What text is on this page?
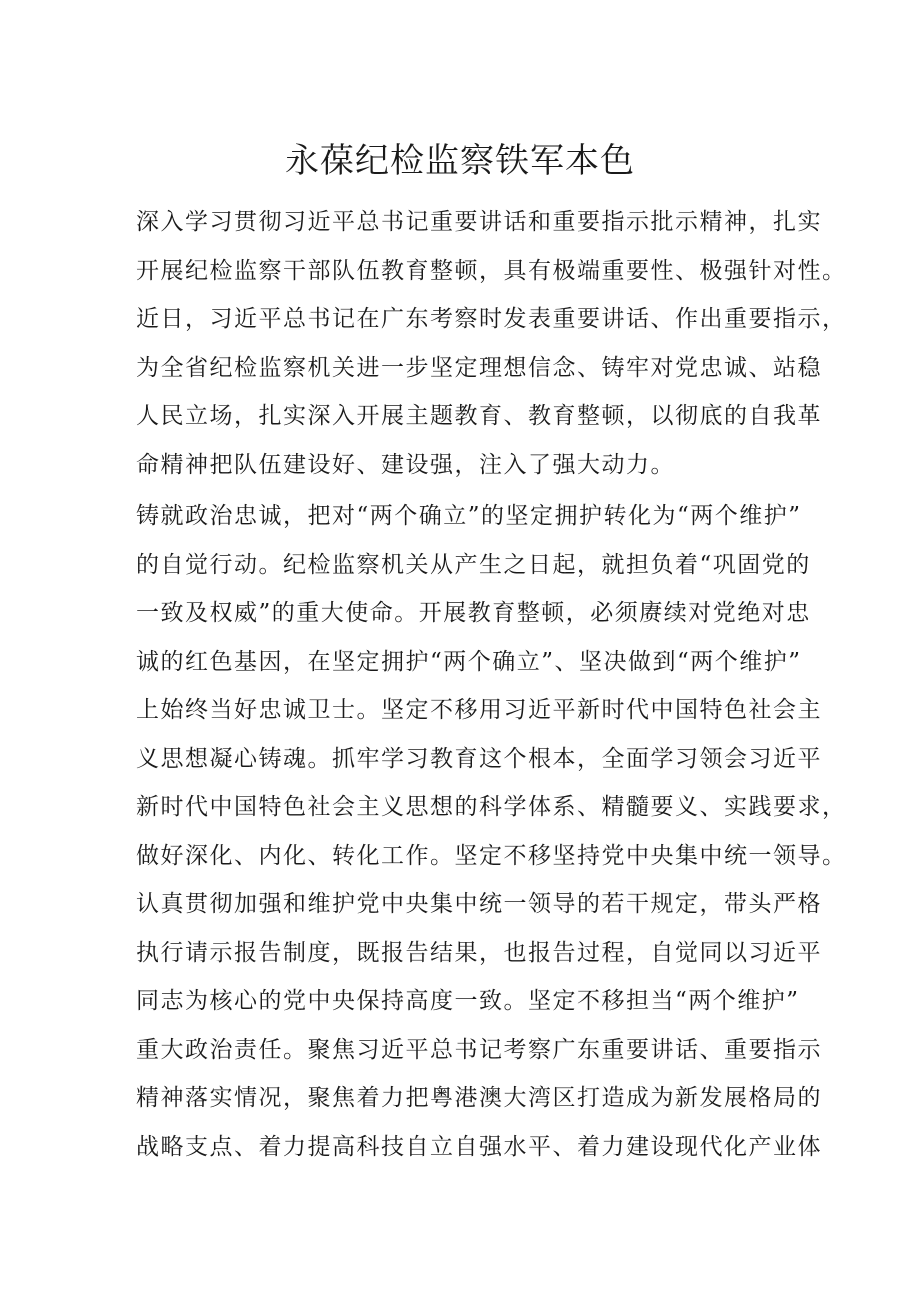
永葆纪检监察铁军本色

深入学习贯彻习近平总书记重要讲话和重要指示批示精神，扎实
开展纪检监察干部队伍教育整顿，具有极端重要性、极强针对性。
近日，习近平总书记在广东考察时发表重要讲话、作出重要指示，
为全省纪检监察机关进一步坚定理想信念、铸牢对党忠诚、站稳
人民立场，扎实深入开展主题教育、教育整顿，以彻底的自我革
命精神把队伍建设好、建设强，注入了强大动力。

铸就政治忠诚，把对“两个确立”的坚定拥护转化为“两个维护”
的自觉行动。纪检监察机关从产生之日起，就担负着“巩固党的
一致及权威”的重大使命。开展教育整顿，必须赓续对党绝对忠
诚的红色基因，在坚定拥护“两个确立”、坚决做到“两个维护”
上始终当好忠诚卫士。坚定不移用习近平新时代中国特色社会主
义思想凝心铸魂。抓牢学习教育这个根本，全面学习领会习近平
新时代中国特色社会主义思想的科学体系、精髓要义、实践要求，
做好深化、内化、转化工作。坚定不移坚持党中央集中统一领导。
认真贯彻加强和维护党中央集中统一领导的若干规定，带头严格
执行请示报告制度，既报告结果，也报告过程，自觉同以习近平
同志为核心的党中央保持高度一致。坚定不移担当“两个维护”
重大政治责任。聚焦习近平总书记考察广东重要讲话、重要指示
精神落实情况，聚焦着力把粤港澳大湾区打造成为新发展格局的
战略支点、着力提高科技自立自强水平、着力建设现代化产业体
